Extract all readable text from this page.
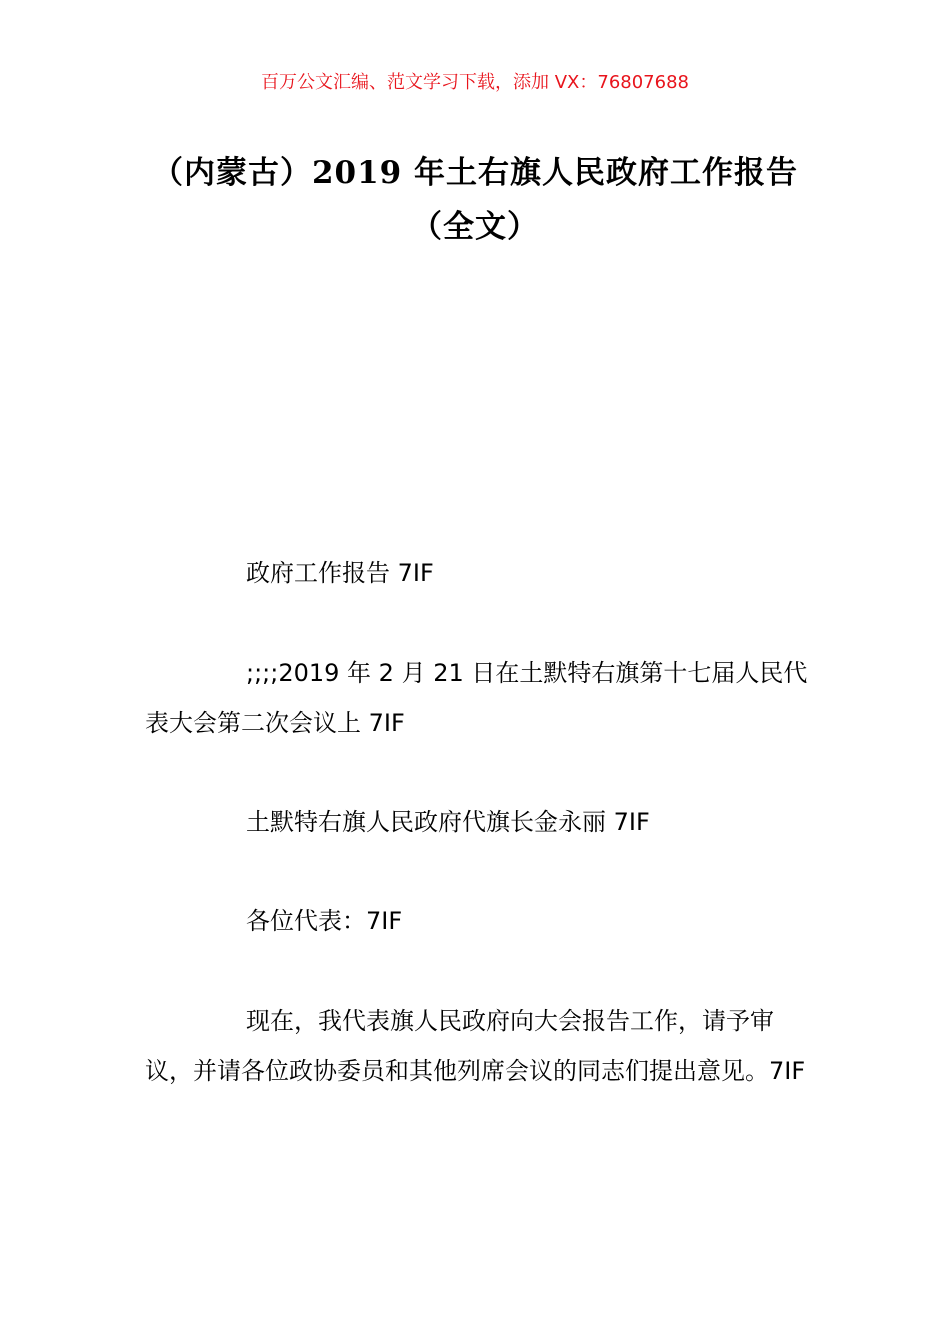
百万公文汇编、范文学习下载，添加 VX：76807688
（内蒙古）2019 年土右旗人民政府工作报告（全文）
政府工作报告 7IF
;;;;2019 年 2 月 21 日在土默特右旗第十七届人民代表大会第二次会议上 7IF
土默特右旗人民政府代旗长金永丽 7IF
各位代表：7IF
现在，我代表旗人民政府向大会报告工作，请予审议，并请各位政协委员和其他列席会议的同志们提出意见。7IF
